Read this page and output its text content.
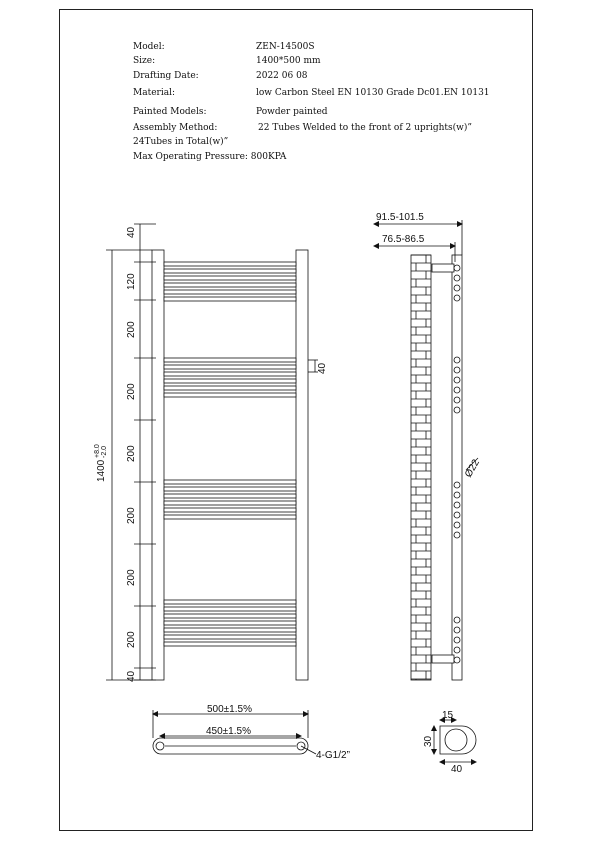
Model:	ZEN-14500S
Size:	1400*500 mm
Drafting Date:	2022 06 08
Material:	low Carbon Steel EN 10130 Grade Dc01.EN 10131
Painted Models:	Powder painted
Assembly Method:	22 Tubes Welded to the front of 2 uprights(w)”
24Tubes in Total(w)”
Max Operating Pressure: 800KPA
1400
+8.0 -2.0
40
120
200
200
200
200
200
200
40
40
91.5-101.5
76.5-86.5
Ø22
500±1.5%
450±1.5%
4-G1/2”
15
30
40
